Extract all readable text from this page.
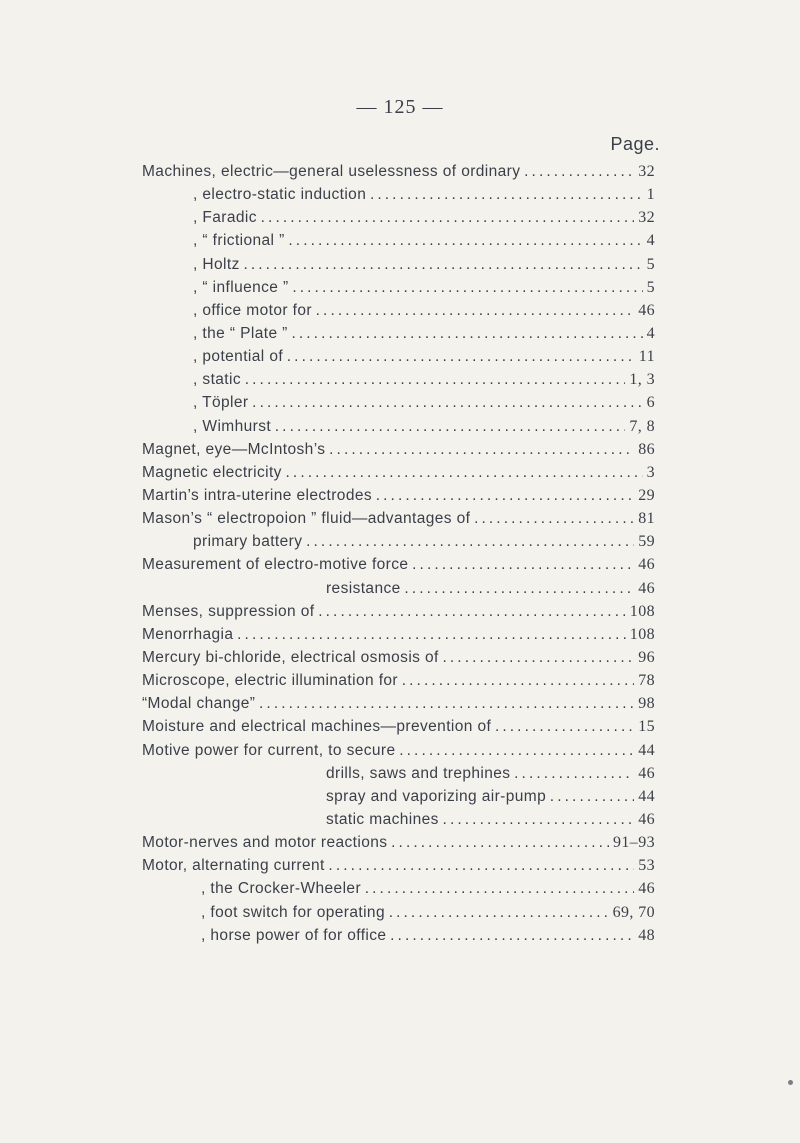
— 125 —
Page.
Machines, electric—general uselessness of ordinary . . .	32
, electro-static induction . . .	1
, Faradic . . .	32
, “ frictional ” . . .	4
, Holtz . . .	5
, “ influence ” . . .	5
, office motor for . . .	46
, the “ Plate ” . . .	4
, potential of . . .	11
, static . . .	1, 3
, Töpler . . .	6
, Wimhurst . . .	7, 8
Magnet, eye—McIntosh’s . . .	86
Magnetic electricity . . .	3
Martin’s intra-uterine electrodes . . .	29
Mason’s “ electropoion ” fluid—advantages of . . .	81
primary battery . . .	59
Measurement of electro-motive force . . .	46
resistance . . .	46
Menses, suppression of . . .	108
Menorrhagia . . .	108
Mercury bi-chloride, electrical osmosis of . . .	96
Microscope, electric illumination for . . .	78
“Modal change” . . .	98
Moisture and electrical machines—prevention of . . .	15
Motive power for current, to secure . . .	44
drills, saws and trephines . . .	46
spray and vaporizing air-pump . . .	44
static machines . . .	46
Motor-nerves and motor reactions . . .	91–93
Motor, alternating current . . .	53
, the Crocker-Wheeler . . .	46
, foot switch for operating . . .	69, 70
, horse power of for office . . .	48
